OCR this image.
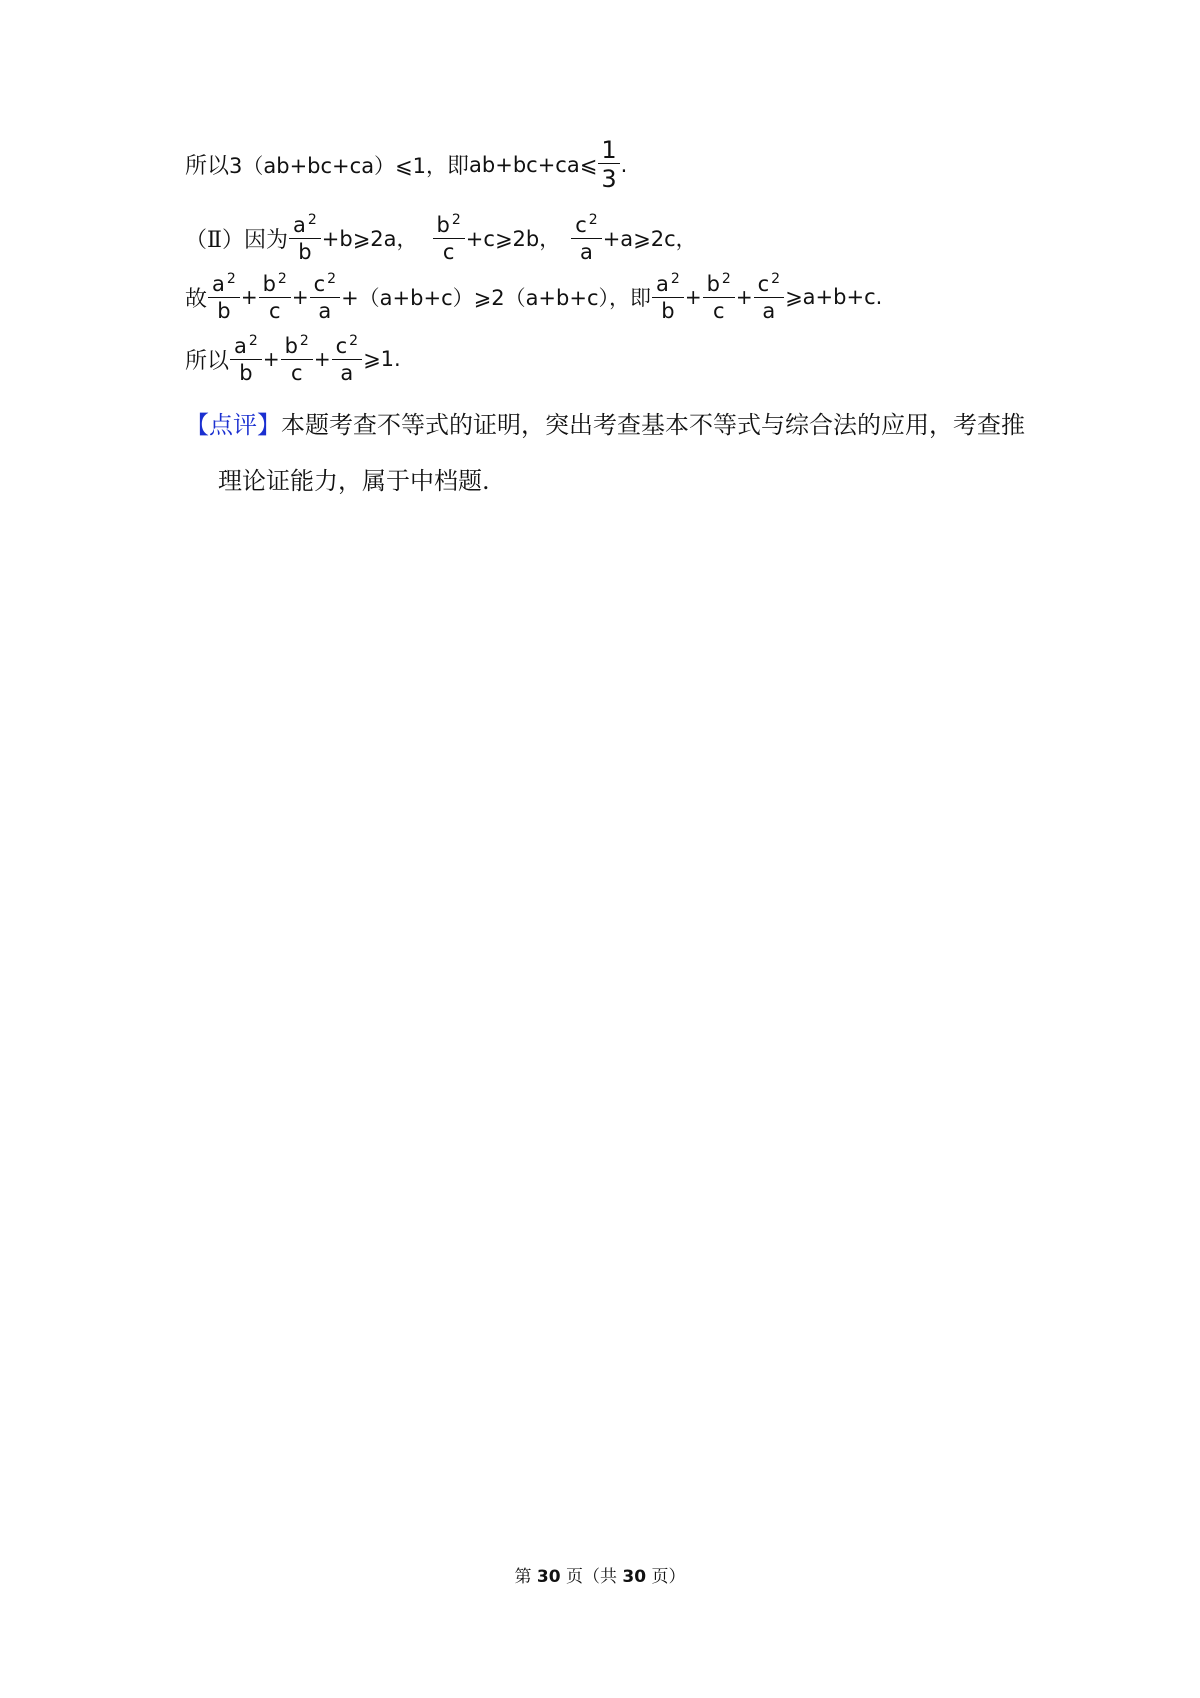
所以 3（ab+bc+ca）⩽1， 即 ab+bc+ca⩽ $\frac{1}{3}$ .
（Ⅱ）因为 $\frac{a ^2}{b}$ +b⩾2a， $\frac{b ^2}{c}$ +c⩾2b， $\frac{c ^2}{a}$ +a⩾2c，
故 $\frac{a ^2}{b} + \frac{b ^2}{c} + \frac{c ^2}{a}$ +（a+b+c）⩾2（a+b+c），即 $\frac{a ^2}{b} + \frac{b ^2}{c} + \frac{c ^2}{a}$ ⩾a+b+c.
所以 $\frac{a ^2}{b} + \frac{b ^2}{c} + \frac{c ^2}{a}$ ⩾1.
【点评】本题考查不等式的证明，突出考查基本不等式与综合法的应用，考查推
理论证能力，属于中档题.
第 30 页（共 30 页）
